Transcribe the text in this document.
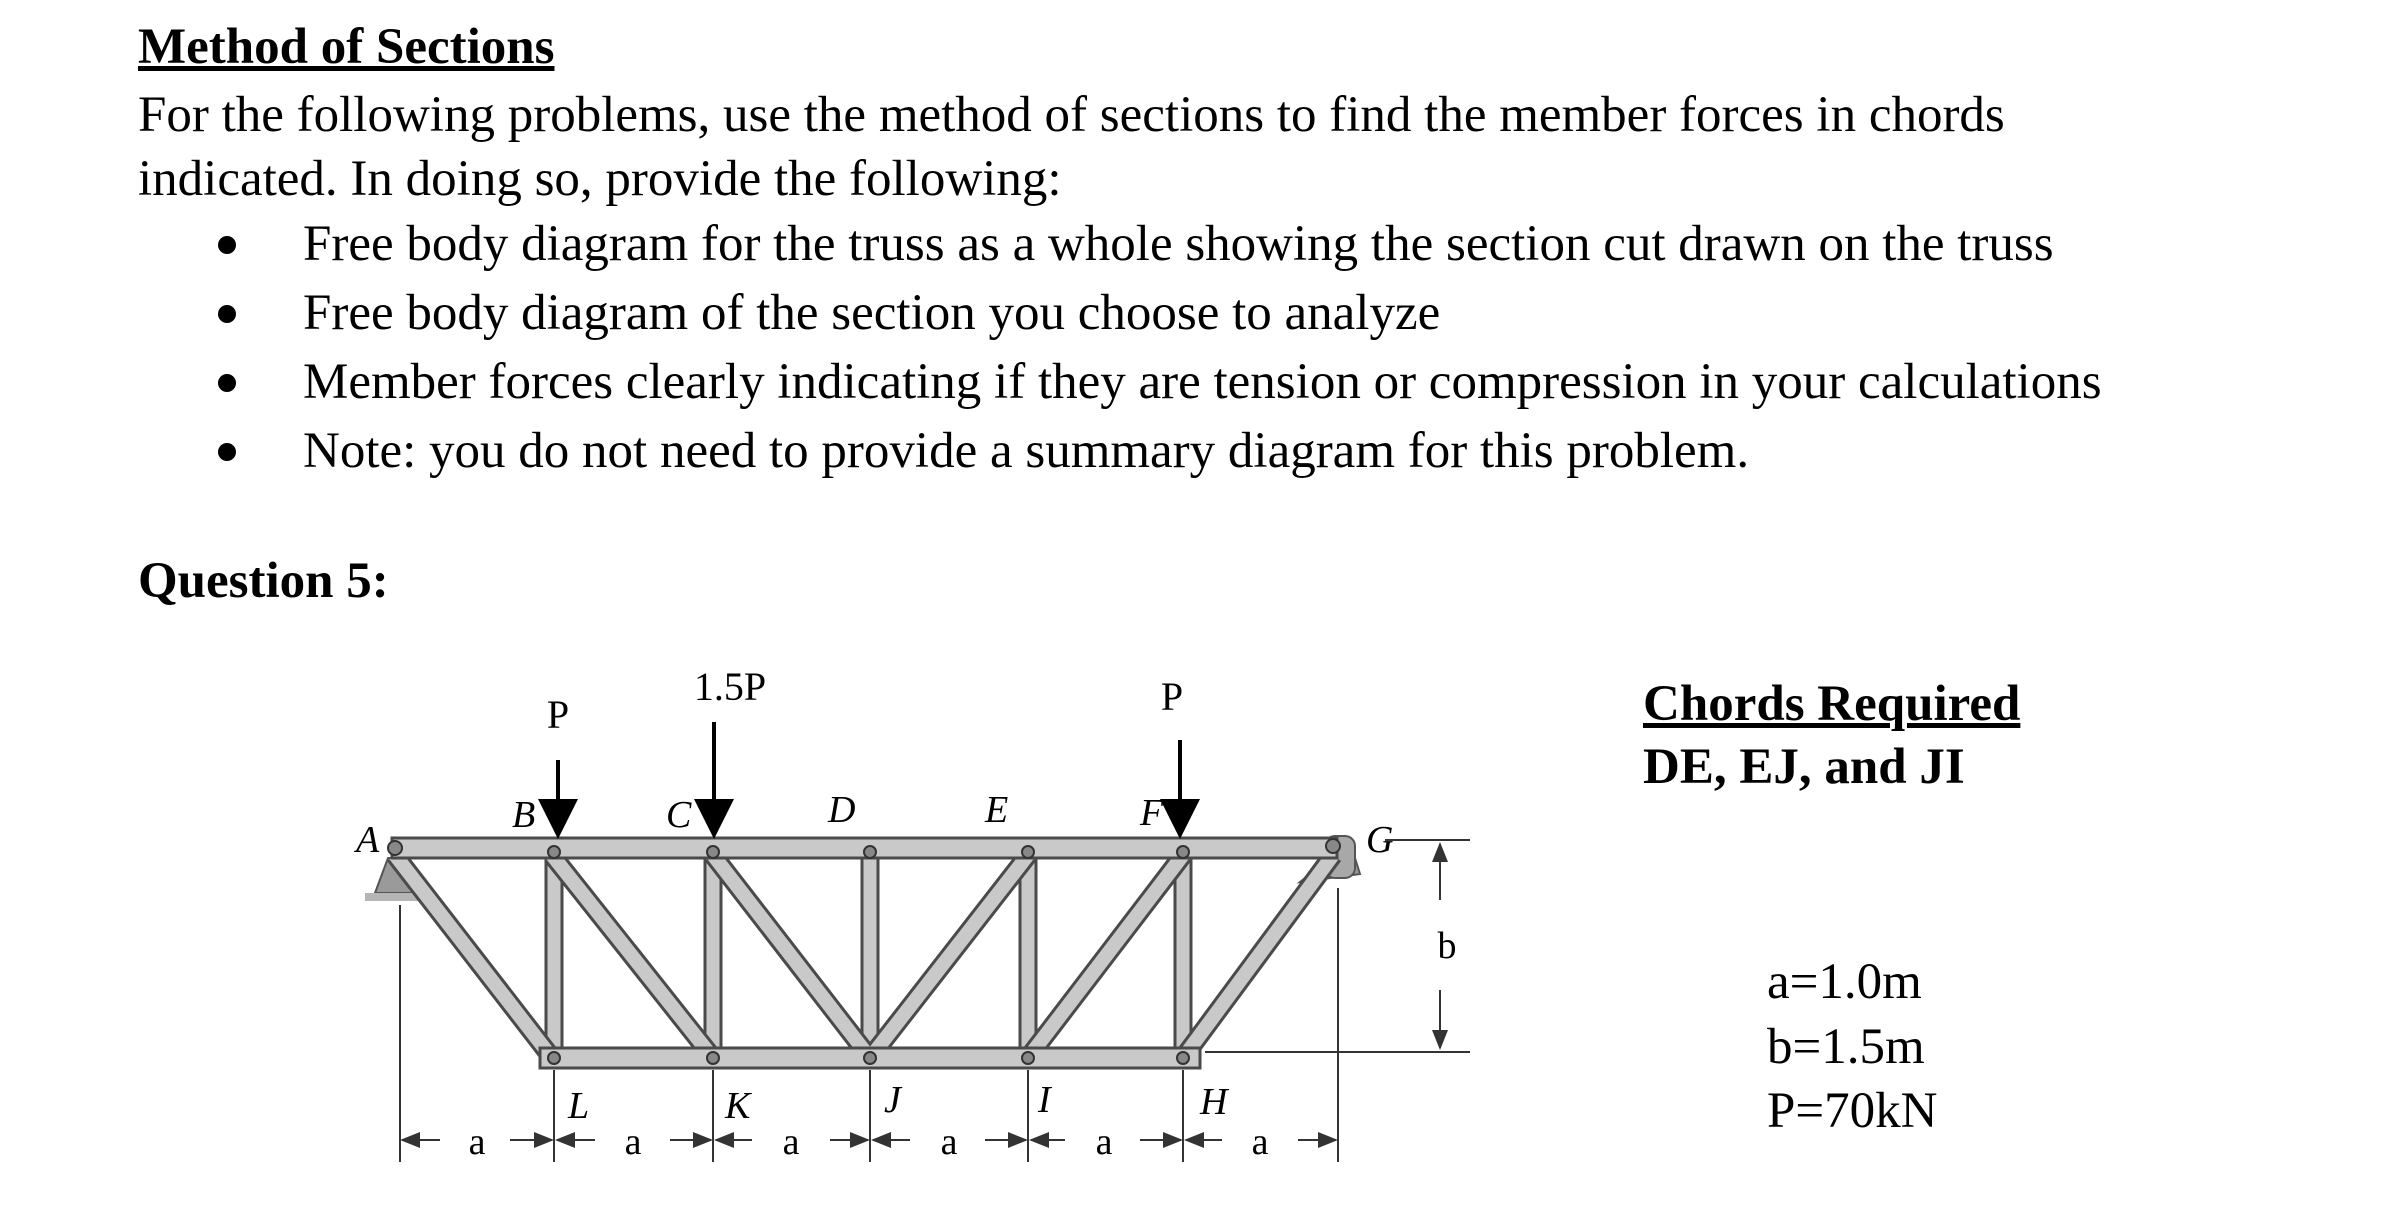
Method of Sections
For the following problems, use the method of sections to find the member forces in chords
indicated. In doing so, provide the following:
Free body diagram for the truss as a whole showing the section cut drawn on the truss
Free body diagram of the section you choose to analyze
Member forces clearly indicating if they are tension or compression in your calculations
Note: you do not need to provide a summary diagram for this problem.
Question 5:
P
1.5P	P
A
B	C	D	E	F
G
L	K	J	I	H
a	a	a	a	a	a
b
Chords Required
DE, EJ, and JI
a=1.0m
b=1.5m
P=70kN
